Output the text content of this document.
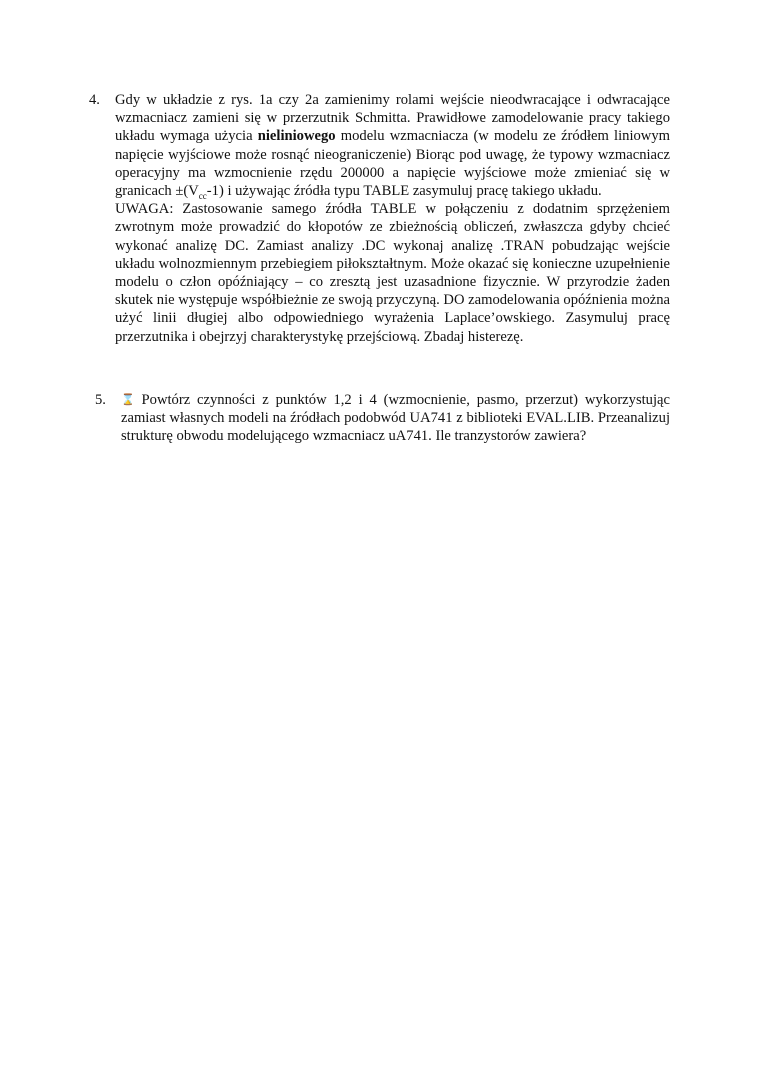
4. Gdy w układzie z rys. 1a czy 2a zamienimy rolami wejście nieodwracające i odwracające wzmacniacz zamieni się w przerzutnik Schmitta. Prawidłowe zamodelowanie pracy takiego układu wymaga użycia nieliniowego modelu wzmacniacza (w modelu ze źródłem liniowym napięcie wyjściowe może rosnąć nieograniczenie) Biorąc pod uwagę, że typowy wzmacniacz operacyjny ma wzmocnienie rzędu 200000 a napięcie wyjściowe może zmieniać się w granicach $\pm(V_{cc}-1)$ i używając źródła typu TABLE zasymuluj pracę takiego układu.

UWAGA: Zastosowanie samego źródła TABLE w połączeniu z dodatnim sprzężeniem zwrotnym może prowadzić do kłopotów ze zbieżnością obliczeń, zwłaszcza gdyby chcieć wykonać analizę DC. Zamiast analizy .DC wykonaj analizę .TRAN pobudzając wejście układu wolnozmiennym przebiegiem piłokształtnym. Może okazać się konieczne uzupełnienie modelu o człon opóźniający – co zresztą jest uzasadnione fizycznie. W przyrodzie żaden skutek nie występuje współbieżnie ze swoją przyczyną. DO zamodelowania opóźnienia można użyć linii długiej albo odpowiedniego wyrażenia Laplace’owskiego. Zasymuluj pracę przerzutnika i obejrzyj charakterystykę przejściową. Zbadaj histerezę.

5. ⌛ Powtórz czynności z punktów 1,2 i 4 (wzmocnienie, pasmo, przerzut) wykorzystując zamiast własnych modeli na źródłach podobwód UA741 z biblioteki EVAL.LIB. Przeanalizuj strukturę obwodu modelującego wzmacniacz uA741. Ile tranzystorów zawiera?
